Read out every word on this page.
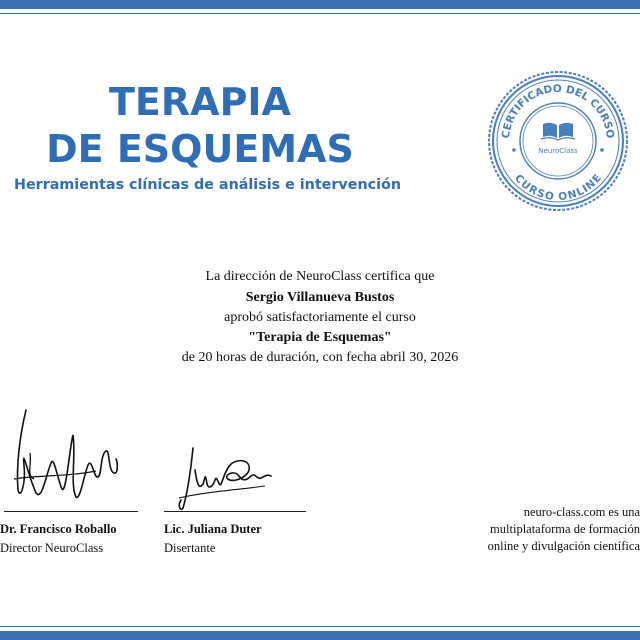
TERAPIA
DE ESQUEMAS
Herramientas clínicas de análisis e intervención
CERTIFICADO DEL CURSO
CURSO ONLINE
NeuroClass
La dirección de NeuroClass certifica que
Sergio Villanueva Bustos
aprobó satisfactoriamente el curso
"Terapia de Esquemas"
de 20 horas de duración, con fecha abril 30, 2026
Dr. Francisco Roballo
Director NeuroClass
Lic. Juliana Duter
Disertante
neuro-class.com es una
multiplataforma de formación
online y divulgación científica
